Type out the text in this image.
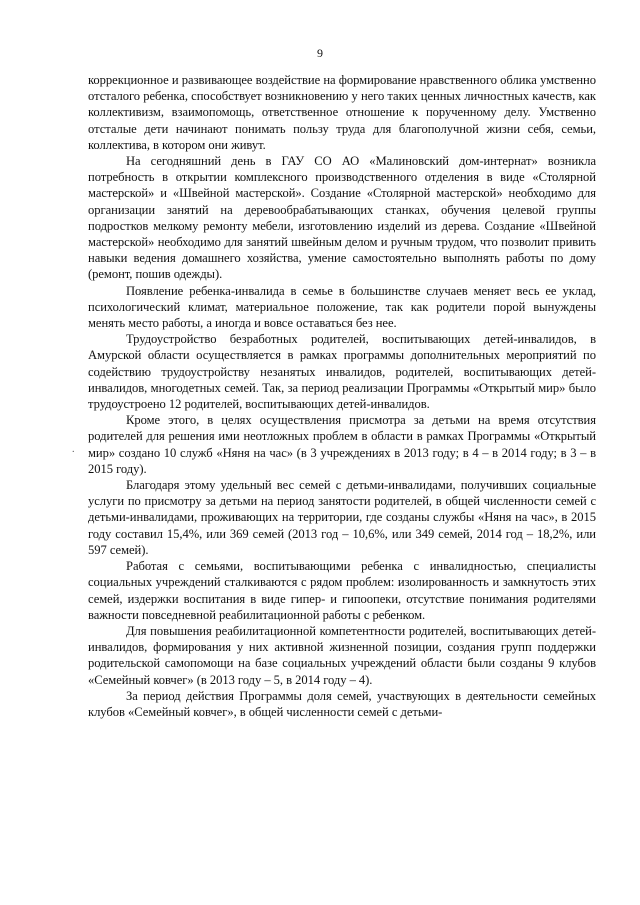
9
.

коррекционное и развивающее воздействие на формирование нравственного облика умственно отсталого ребенка, способствует возникновению у него таких ценных личностных качеств, как коллективизм, взаимопомощь, ответственное отношение к порученному делу. Умственно отсталые дети начинают понимать пользу труда для благополучной жизни себя, семьи, коллектива, в котором они живут.

На сегодняшний день в ГАУ СО АО «Малиновский дом-интернат» возникла потребность в открытии комплексного производственного отделения в виде «Столярной мастерской» и «Швейной мастерской». Создание «Столярной мастерской» необходимо для организации занятий на деревообрабатывающих станках, обучения целевой группы подростков мелкому ремонту мебели, изготовлению изделий из дерева. Создание «Швейной мастерской» необходимо для занятий швейным делом и ручным трудом, что позволит привить навыки ведения домашнего хозяйства, умение самостоятельно выполнять работы по дому (ремонт, пошив одежды).

Появление ребенка-инвалида в семье в большинстве случаев меняет весь ее уклад, психологический климат, материальное положение, так как родители порой вынуждены менять место работы, а иногда и вовсе оставаться без нее.

Трудоустройство безработных родителей, воспитывающих детей-инвалидов, в Амурской области осуществляется в рамках программы дополнительных мероприятий по содействию трудоустройству незанятых инвалидов, родителей, воспитывающих детей-инвалидов, многодетных семей. Так, за период реализации Программы «Открытый мир» было трудоустроено 12 родителей, воспитывающих детей-инвалидов.

Кроме этого, в целях осуществления присмотра за детьми на время отсутствия родителей для решения ими неотложных проблем в области в рамках Программы «Открытый мир» создано 10 служб «Няня на час» (в 3 учреждениях в 2013 году; в 4 – в 2014 году; в 3 – в 2015 году).

Благодаря этому удельный вес семей с детьми-инвалидами, получивших социальные услуги по присмотру за детьми на период занятости родителей, в общей численности семей с детьми-инвалидами, проживающих на территории, где созданы службы «Няня на час», в 2015 году составил 15,4%, или 369 семей (2013 год – 10,6%, или 349 семей, 2014 год – 18,2%, или 597 семей).

Работая с семьями, воспитывающими ребенка с инвалидностью, специалисты социальных учреждений сталкиваются с рядом проблем: изолированность и замкнутость этих семей, издержки воспитания в виде гипер- и гипоопеки, отсутствие понимания родителями важности повседневной реабилитационной работы с ребенком.

Для повышения реабилитационной компетентности родителей, воспитывающих детей-инвалидов, формирования у них активной жизненной позиции, создания групп поддержки родительской самопомощи на базе социальных учреждений области были созданы 9 клубов «Семейный ковчег» (в 2013 году – 5, в 2014 году – 4).

За период действия Программы доля семей, участвующих в деятельности семейных клубов «Семейный ковчег», в общей численности семей с детьми-
